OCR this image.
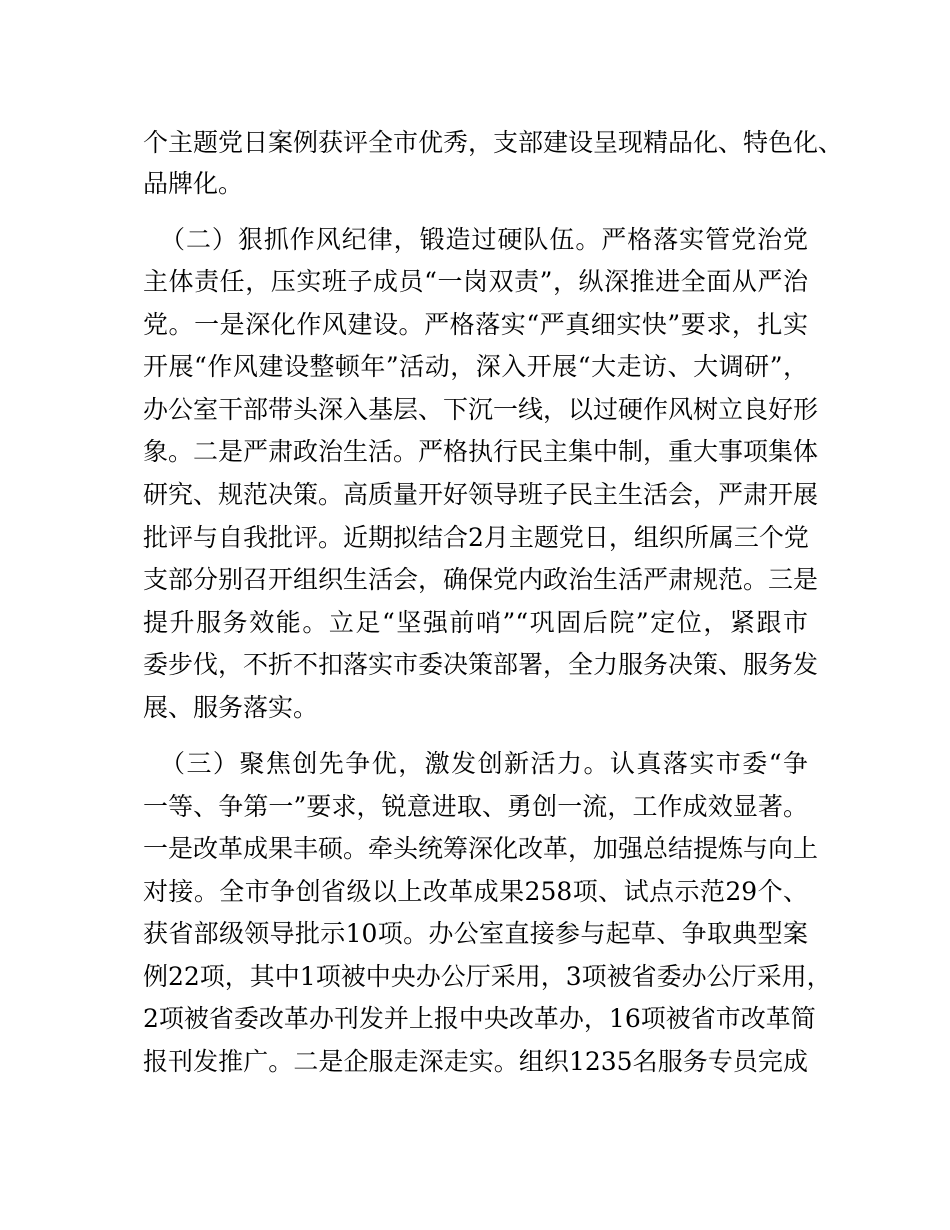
个主题党日案例获评全市优秀，支部建设呈现精品化、特色化、
品牌化。
（二）狠抓作风纪律，锻造过硬队伍。严格落实管党治党
主体责任，压实班子成员“一岗双责”，纵深推进全面从严治
党。一是深化作风建设。严格落实“严真细实快”要求，扎实
开展“作风建设整顿年”活动，深入开展“大走访、大调研”，
办公室干部带头深入基层、下沉一线，以过硬作风树立良好形
象。二是严肃政治生活。严格执行民主集中制，重大事项集体
研究、规范决策。高质量开好领导班子民主生活会，严肃开展
批评与自我批评。近期拟结合2月主题党日，组织所属三个党
支部分别召开组织生活会，确保党内政治生活严肃规范。三是
提升服务效能。立足“坚强前哨”“巩固后院”定位，紧跟市
委步伐，不折不扣落实市委决策部署，全力服务决策、服务发
展、服务落实。
（三）聚焦创先争优，激发创新活力。认真落实市委“争
一等、争第一”要求，锐意进取、勇创一流，工作成效显著。
一是改革成果丰硕。牵头统筹深化改革，加强总结提炼与向上
对接。全市争创省级以上改革成果258项、试点示范29个、
获省部级领导批示10项。办公室直接参与起草、争取典型案
例22项，其中1项被中央办公厅采用，3项被省委办公厅采用，
2项被省委改革办刊发并上报中央改革办，16项被省市改革简
报刊发推广。二是企服走深走实。组织1235名服务专员完成
